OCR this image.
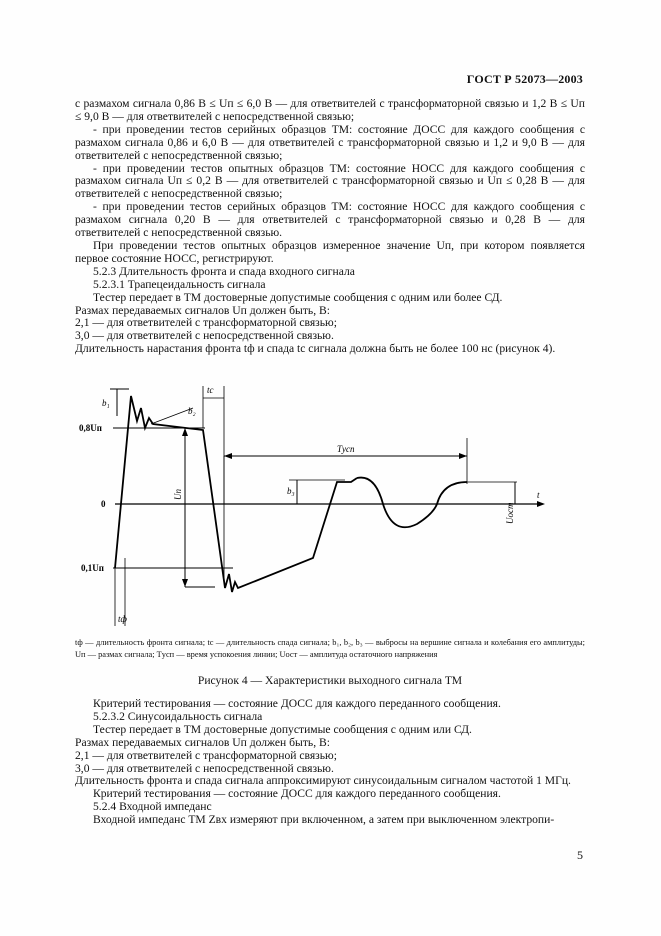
ГОСТ Р 52073—2003

с размахом сигнала 0,86 В ≤ Uп ≤ 6,0 В — для ответвителей с трансформаторной связью и 1,2 В ≤ Uп ≤ 9,0 В — для ответвителей с непосредственной связью;

- при проведении тестов серийных образцов ТМ: состояние ДОСС для каждого сообщения с размахом сигнала 0,86 и 6,0 В — для ответвителей с трансформаторной связью и 1,2 и 9,0 В — для ответвителей с непосредственной связью;

- при проведении тестов опытных образцов ТМ: состояние НОСС для каждого сообщения с размахом сигнала Uп ≤ 0,2 В — для ответвителей с трансформаторной связью и Uп ≤ 0,28 В — для ответвителей с непосредственной связью;

- при проведении тестов серийных образцов ТМ: состояние НОСС для каждого сообщения с размахом сигнала 0,20 В — для ответвителей с трансформаторной связью и 0,28 В — для ответвителей с непосредственной связью.

При проведении тестов опытных образцов измеренное значение Uп, при котором появляется первое состояние НОСС, регистрируют.

5.2.3 Длительность фронта и спада входного сигнала

5.2.3.1 Трапецеидальность сигнала

Тестер передает в ТМ достоверные допустимые сообщения с одним или более СД.

Размах передаваемых сигналов Uп должен быть, В:

2,1 — для ответвителей с трансформаторной связью;

3,0 — для ответвителей с непосредственной связью.

Длительность нарастания фронта tф и спада tс сигнала должна быть не более 100 нс (рисунок 4).

b₁
b₂
0,8Uп
0
0,1Uп
Uп
tс
Tусп
b₃
Uост
t
tф

tф — длительность фронта сигнала; tс — длительность спада сигнала; b₁, b₂, b₃ — выбросы на вершине сигнала и колебания его амплитуды; Uп — размах сигнала; Tусп — время успокоения линии; Uост — амплитуда остаточного напряжения

Рисунок 4 — Характеристики выходного сигнала ТМ

Критерий тестирования — состояние ДОСС для каждого переданного сообщения.

5.2.3.2 Синусоидальность сигнала

Тестер передает в ТМ достоверные допустимые сообщения с одним или СД.

Размах передаваемых сигналов Uп должен быть, В:

2,1 — для ответвителей с трансформаторной связью;

3,0 — для ответвителей с непосредственной связью.

Длительность фронта и спада сигнала аппроксимируют синусоидальным сигналом частотой 1 МГц.

Критерий тестирования — состояние ДОСС для каждого переданного сообщения.

5.2.4 Входной импеданс

Входной импеданс ТМ Zвх измеряют при включенном, а затем при выключенном электропи-

5
